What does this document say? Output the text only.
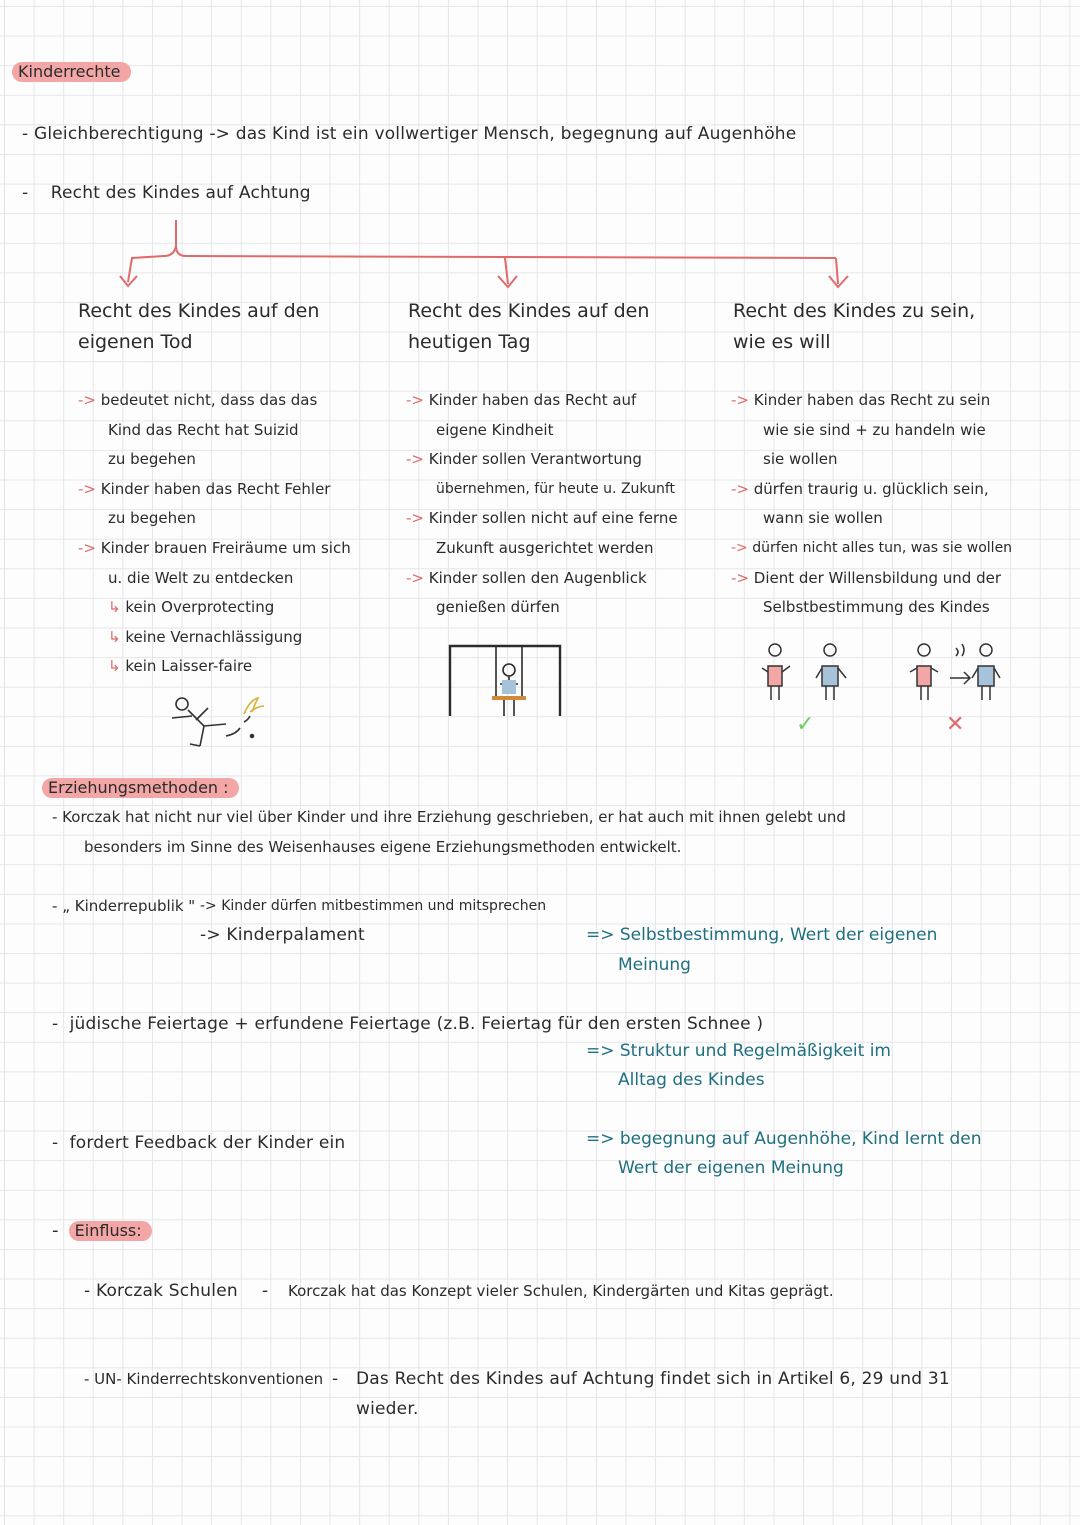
Kinderrechte
- Gleichberechtigung -> das Kind ist ein vollwertiger Mensch, begegnung auf Augenhöhe
- Recht des Kindes auf Achtung
Recht des Kindes auf den
eigenen Tod
-> bedeutet nicht, dass das das
Kind das Recht hat Suizid
zu begehen
-> Kinder haben das Recht Fehler
zu begehen
-> Kinder brauen Freiräume um sich
u. die Welt zu entdecken
↳ kein Overprotecting
↳ keine Vernachlässigung
↳ kein Laisser-faire
Recht des Kindes auf den
heutigen Tag
-> Kinder haben das Recht auf
eigene Kindheit
-> Kinder sollen Verantwortung
übernehmen, für heute u. Zukunft
-> Kinder sollen nicht auf eine ferne
Zukunft ausgerichtet werden
-> Kinder sollen den Augenblick
genießen dürfen
Recht des Kindes zu sein,
wie es will
-> Kinder haben das Recht zu sein
wie sie sind + zu handeln wie
sie wollen
-> dürfen traurig u. glücklich sein,
wann sie wollen
-> dürfen nicht alles tun, was sie wollen
-> Dient der Willensbildung und der
Selbstbestimmung des Kindes
✓	✕
Erziehungsmethoden :
- Korczak hat nicht nur viel über Kinder und ihre Erziehung geschrieben, er hat auch mit ihnen gelebt und
besonders im Sinne des Weisenhauses eigene Erziehungsmethoden entwickelt.
- „ Kinderrepublik " -> Kinder dürfen mitbestimmen und mitsprechen
-> Kinderpalament	=> Selbstbestimmung, Wert der eigenen
Meinung
- jüdische Feiertage + erfundene Feiertage (z.B. Feiertag für den ersten Schnee )
=> Struktur und Regelmäßigkeit im
Alltag des Kindes
- fordert Feedback der Kinder ein	=> begegnung auf Augenhöhe, Kind lernt den
Wert der eigenen Meinung
- Einfluss:
- Korczak Schulen - Korczak hat das Konzept vieler Schulen, Kindergärten und Kitas geprägt.
- UN- Kinderrechtskonventionen - Das Recht des Kindes auf Achtung findet sich in Artikel 6, 29 und 31
wieder.
